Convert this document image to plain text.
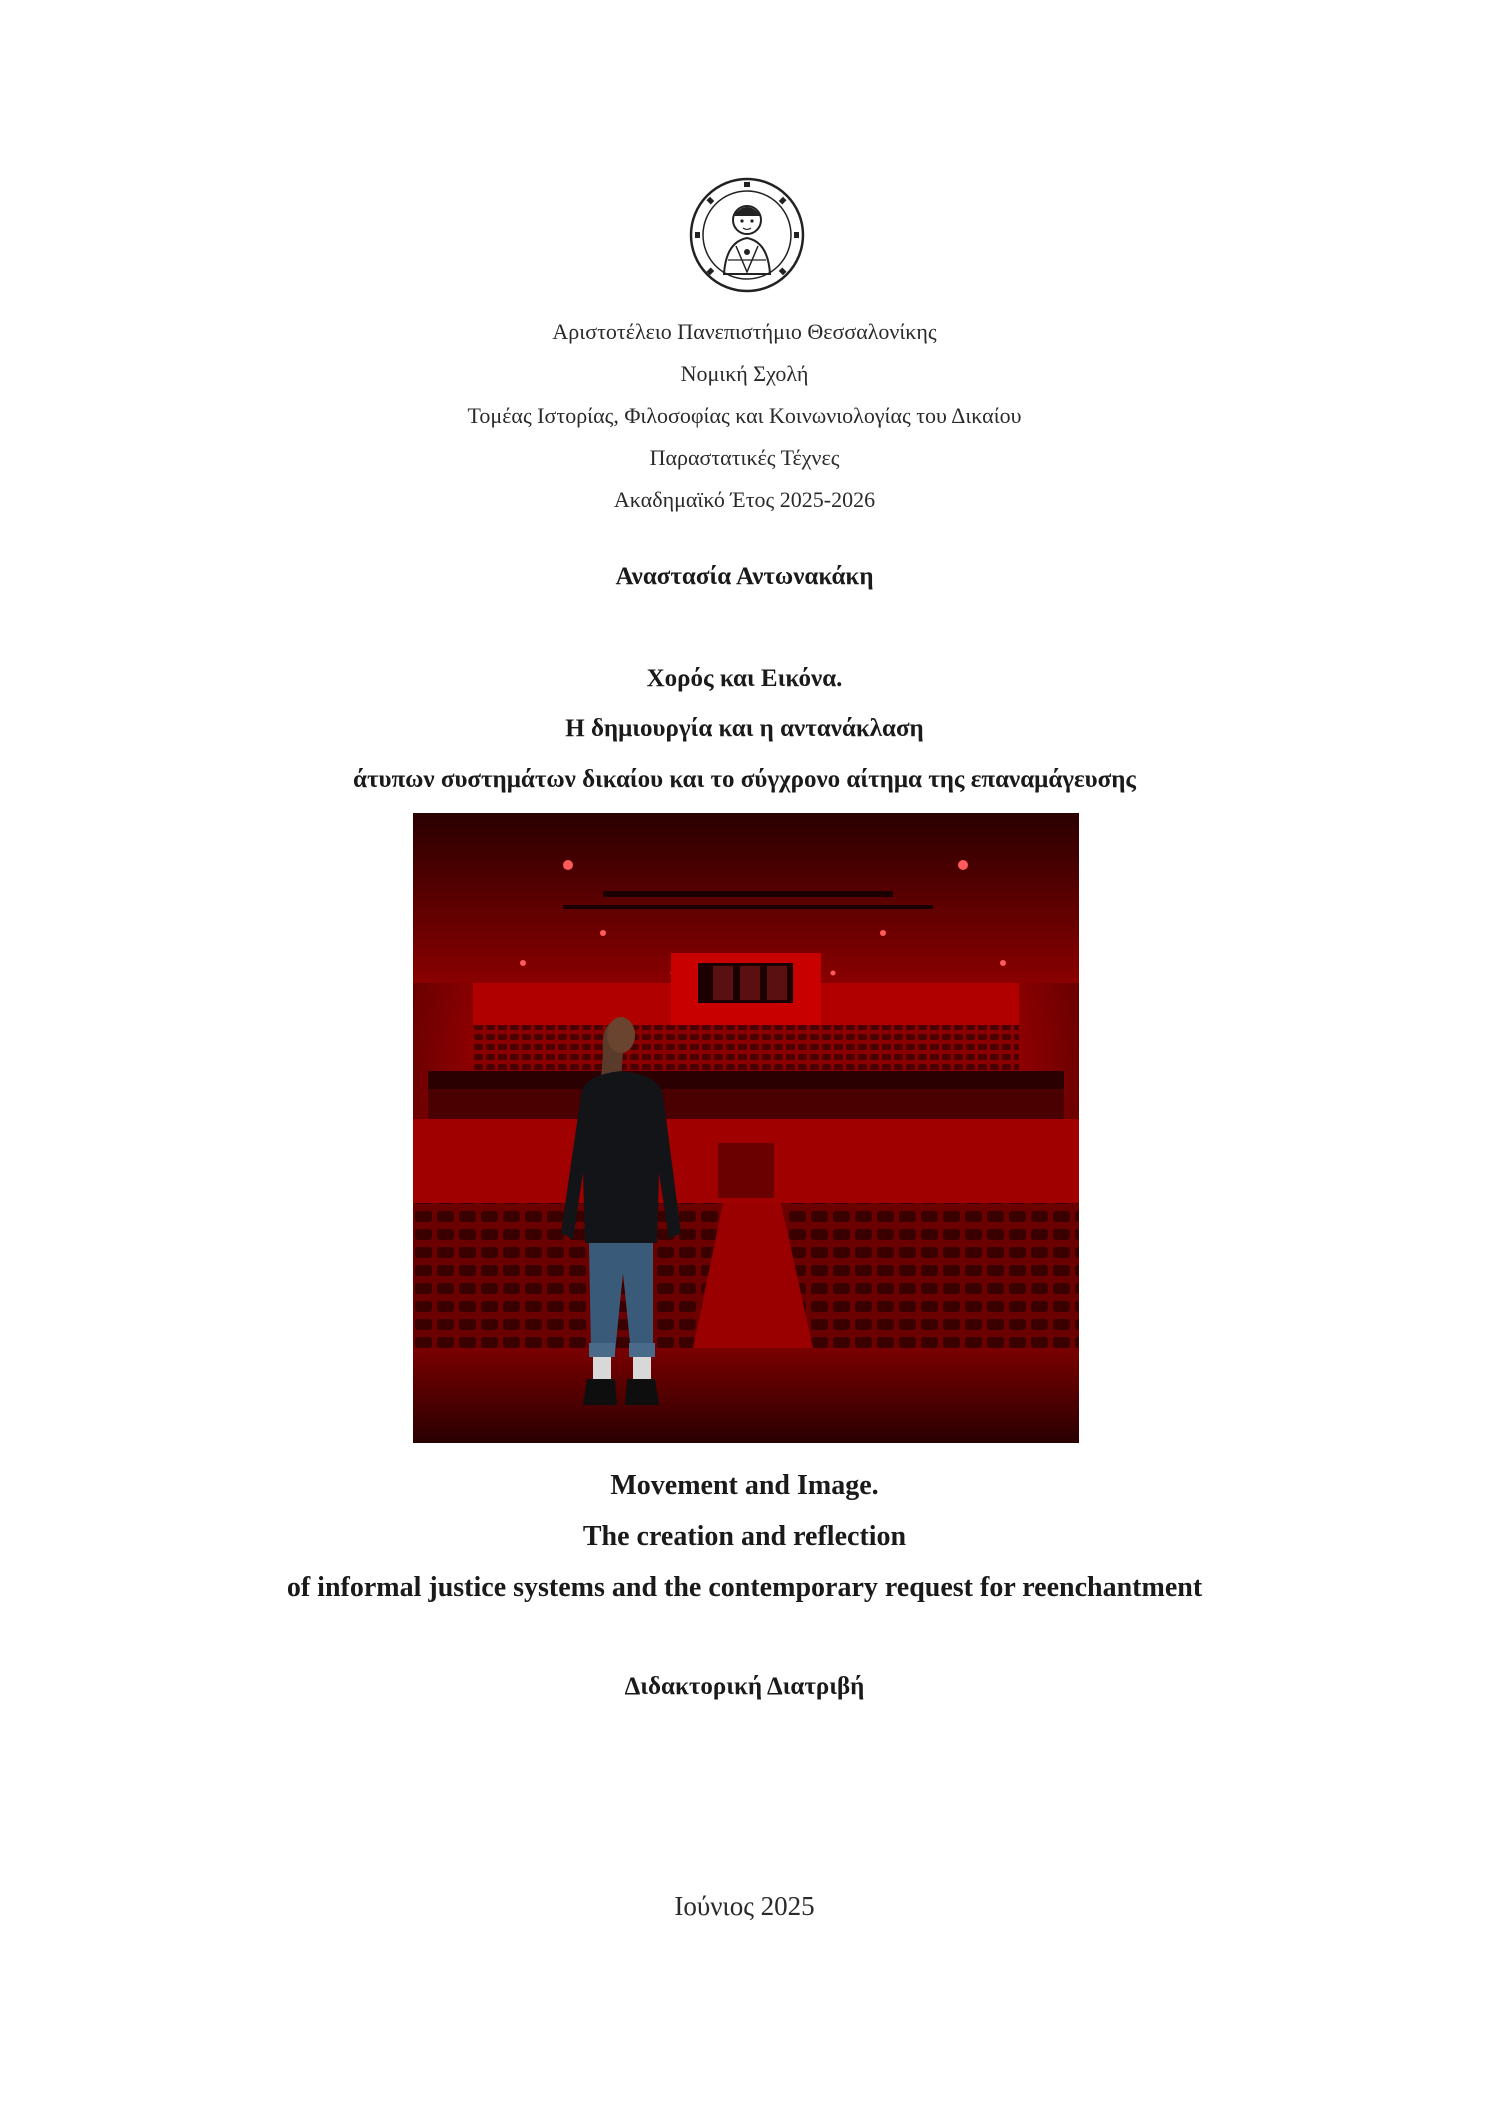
Αριστοτέλειο Πανεπιστήμιο Θεσσαλονίκης
Νομική Σχολή
Τομέας Ιστορίας, Φιλοσοφίας και Κοινωνιολογίας του Δικαίου
Παραστατικές Τέχνες
Ακαδημαϊκό Έτος 2025-2026
Αναστασία Αντωνακάκη
Χορός και Εικόνα.
Η δημιουργία και η αντανάκλαση
άτυπων συστημάτων δικαίου και το σύγχρονο αίτημα της επαναμάγευσης
Movement and Image.
The creation and reflection
of informal justice systems and the contemporary request for reenchantment
Διδακτορική Διατριβή
Ιούνιος 2025
